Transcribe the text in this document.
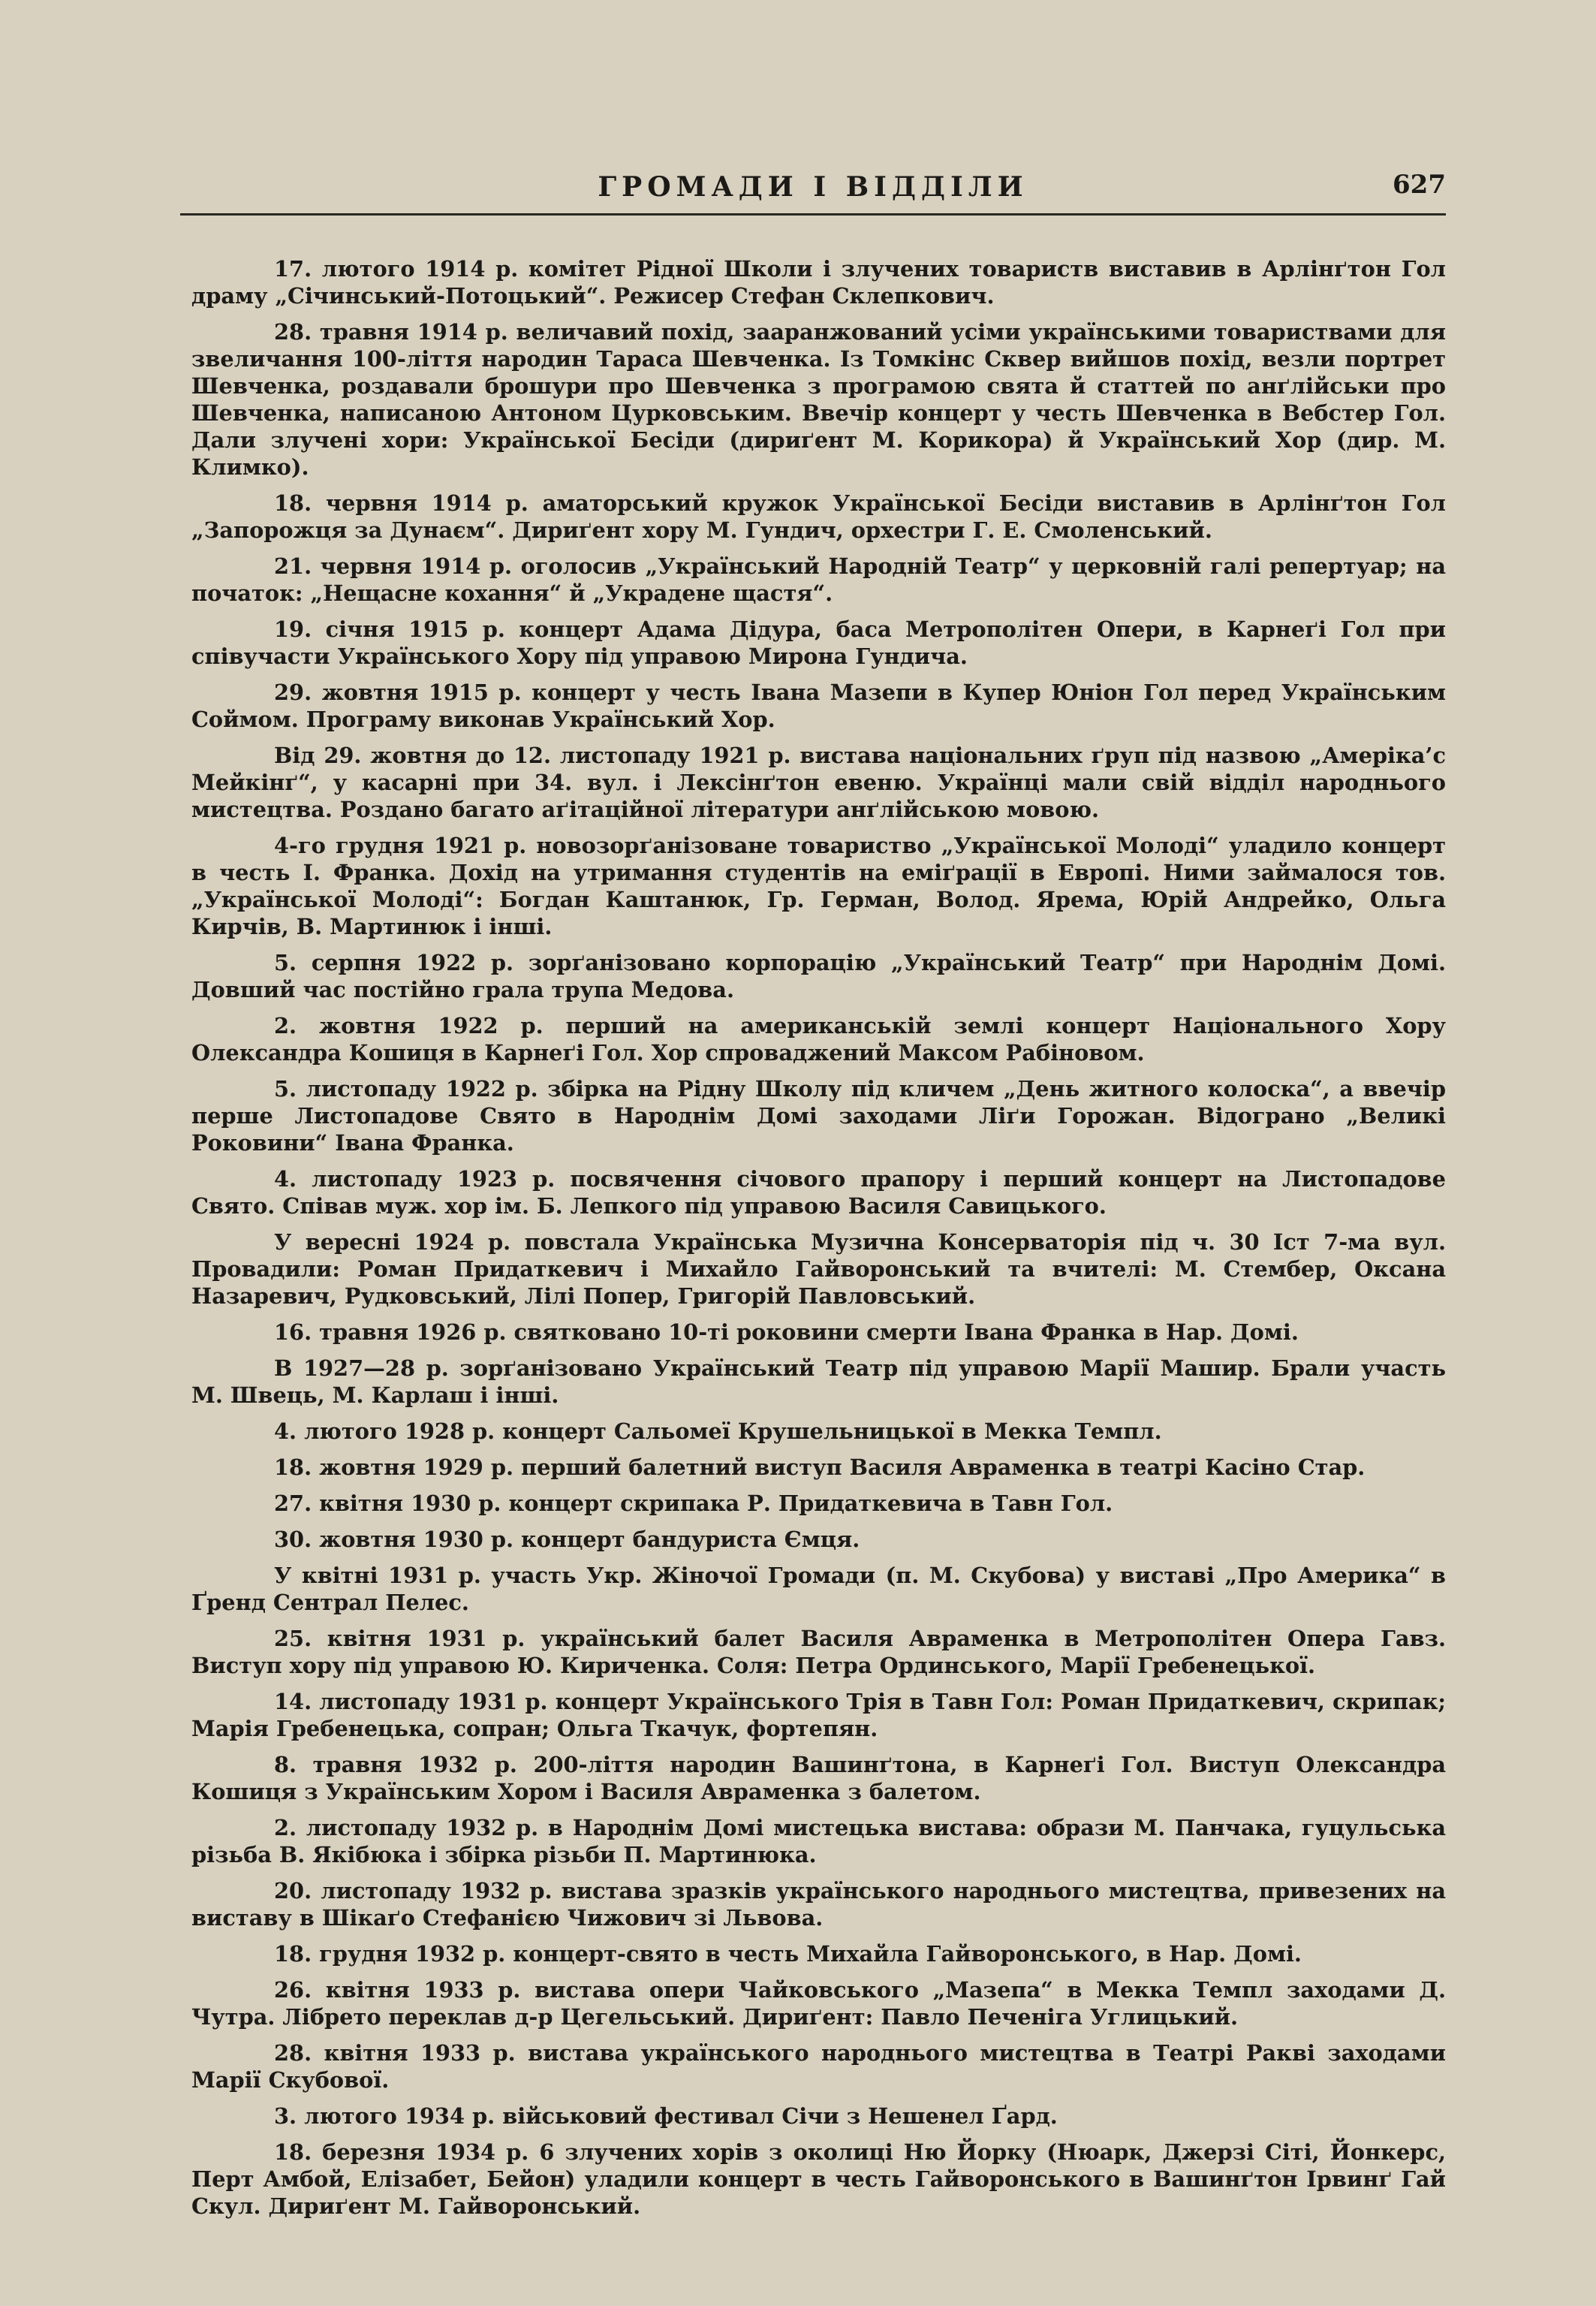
ГРОМАДИ І ВІДДІЛИ	627

17. лютого 1914 р. комітет Рідної Школи і злучених товариств виставив в Арлінґтон Гол драму „Січинський-Потоцький“. Режисер Стефан Склепкович.

28. травня 1914 р. величавий похід, зааранжований усіми українськими товариствами для звеличання 100-ліття народин Тараса Шевченка. Із Томкінс Сквер вийшов похід, везли портрет Шевченка, роздавали брошури про Шевченка з програмою свята й статтей по анґлійськи про Шевченка, написаною Антоном Цурковським. Ввечір концерт у честь Шевченка в Вебстер Гол. Дали злучені хори: Української Бесіди (дириґент М. Корикора) й Український Хор (дир. М. Климко).

18. червня 1914 р. аматорський кружок Української Бесіди виставив в Арлінґтон Гол „Запорожця за Дунаєм“. Дириґент хору М. Гундич, орхестри Г. Е. Смоленський.

21. червня 1914 р. оголосив „Український Народній Театр“ у церковній галі репертуар; на початок: „Нещасне кохання“ й „Украдене щастя“.

19. січня 1915 р. концерт Адама Дідура, баса Метрополітен Опери, в Карнеґі Гол при співучасти Українського Хору під управою Мирона Гундича.

29. жовтня 1915 р. концерт у честь Івана Мазепи в Купер Юніон Гол перед Українським Соймом. Програму виконав Український Хор.

Від 29. жовтня до 12. листопаду 1921 р. вистава національних ґруп під назвою „Амеріка’с Мейкінґ“, у касарні при 34. вул. і Лексінґтон евеню. Українці мали свій відділ народнього мистецтва. Роздано багато аґітаційної літератури анґлійською мовою.

4-го грудня 1921 р. новозорґанізоване товариство „Української Молоді“ уладило концерт в честь І. Франка. Дохід на утримання студентів на еміґрації в Европі. Ними займалося тов. „Української Молоді“: Богдан Каштанюк, Гр. Герман, Волод. Ярема, Юрій Андрейко, Ольга Кирчів, В. Мартинюк і інші.

5. серпня 1922 р. зорґанізовано корпорацію „Український Театр“ при Народнім Домі. Довший час постійно грала трупа Медова.

2. жовтня 1922 р. перший на американській землі концерт Національного Хору Олександра Кошиця в Карнеґі Гол. Хор спроваджений Максом Рабіновом.

5. листопаду 1922 р. збірка на Рідну Школу під кличем „День житного колоска“, а ввечір перше Листопадове Свято в Народнім Домі заходами Ліґи Горожан. Відограно „Великі Роковини“ Івана Франка.

4. листопаду 1923 р. посвячення січового прапору і перший концерт на Листопадове Свято. Співав муж. хор ім. Б. Лепкого під управою Василя Савицького.

У вересні 1924 р. повстала Українська Музична Консерваторія під ч. 30 Іст 7-ма вул. Провадили: Роман Придаткевич і Михайло Гайворонський та вчителі: М. Стембер, Оксана Назаревич, Рудковський, Лілі Попер, Григорій Павловський.

16. травня 1926 р. святковано 10-ті роковини смерти Івана Франка в Нар. Домі.

В 1927—28 р. зорґанізовано Український Театр під управою Марії Машир. Брали участь М. Швець, М. Карлаш і інші.

4. лютого 1928 р. концерт Сальомеї Крушельницької в Мекка Темпл.

18. жовтня 1929 р. перший балетний виступ Василя Авраменка в театрі Касіно Стар.

27. квітня 1930 р. концерт скрипака Р. Придаткевича в Тавн Гол.

30. жовтня 1930 р. концерт бандуриста Ємця.

У квітні 1931 р. участь Укр. Жіночої Громади (п. М. Скубова) у виставі „Про Америка“ в Ґренд Сентрал Пелес.

25. квітня 1931 р. український балет Василя Авраменка в Метрополітен Опера Гавз. Виступ хору під управою Ю. Кириченка. Соля: Петра Ординського, Марії Гребенецької.

14. листопаду 1931 р. концерт Українського Трія в Тавн Гол: Роман Придаткевич, скрипак; Марія Гребенецька, сопран; Ольга Ткачук, фортепян.

8. травня 1932 р. 200-ліття народин Вашинґтона, в Карнеґі Гол. Виступ Олександра Кошиця з Українським Хором і Василя Авраменка з балетом.

2. листопаду 1932 р. в Народнім Домі мистецька вистава: образи М. Панчака, гуцульська різьба В. Якібюка і збірка різьби П. Мартинюка.

20. листопаду 1932 р. вистава зразків українського народнього мистецтва, привезених на виставу в Шікаґо Стефанією Чижович зі Львова.

18. грудня 1932 р. концерт-свято в честь Михайла Гайворонського, в Нар. Домі.

26. квітня 1933 р. вистава опери Чайковського „Мазепа“ в Мекка Темпл заходами Д. Чутра. Лібрето переклав д-р Цегельський. Дириґент: Павло Печеніга Углицький.

28. квітня 1933 р. вистава українського народнього мистецтва в Театрі Ракві заходами Марії Скубової.

3. лютого 1934 р. військовий фестивал Січи з Нешенел Ґард.

18. березня 1934 р. 6 злучених хорів з околиці Ню Йорку (Нюарк, Джерзі Сіті, Йонкерс, Перт Амбой, Елізабет, Бейон) уладили концерт в честь Гайворонського в Вашинґтон Ірвинґ Гай Скул. Дириґент М. Гайворонський.
